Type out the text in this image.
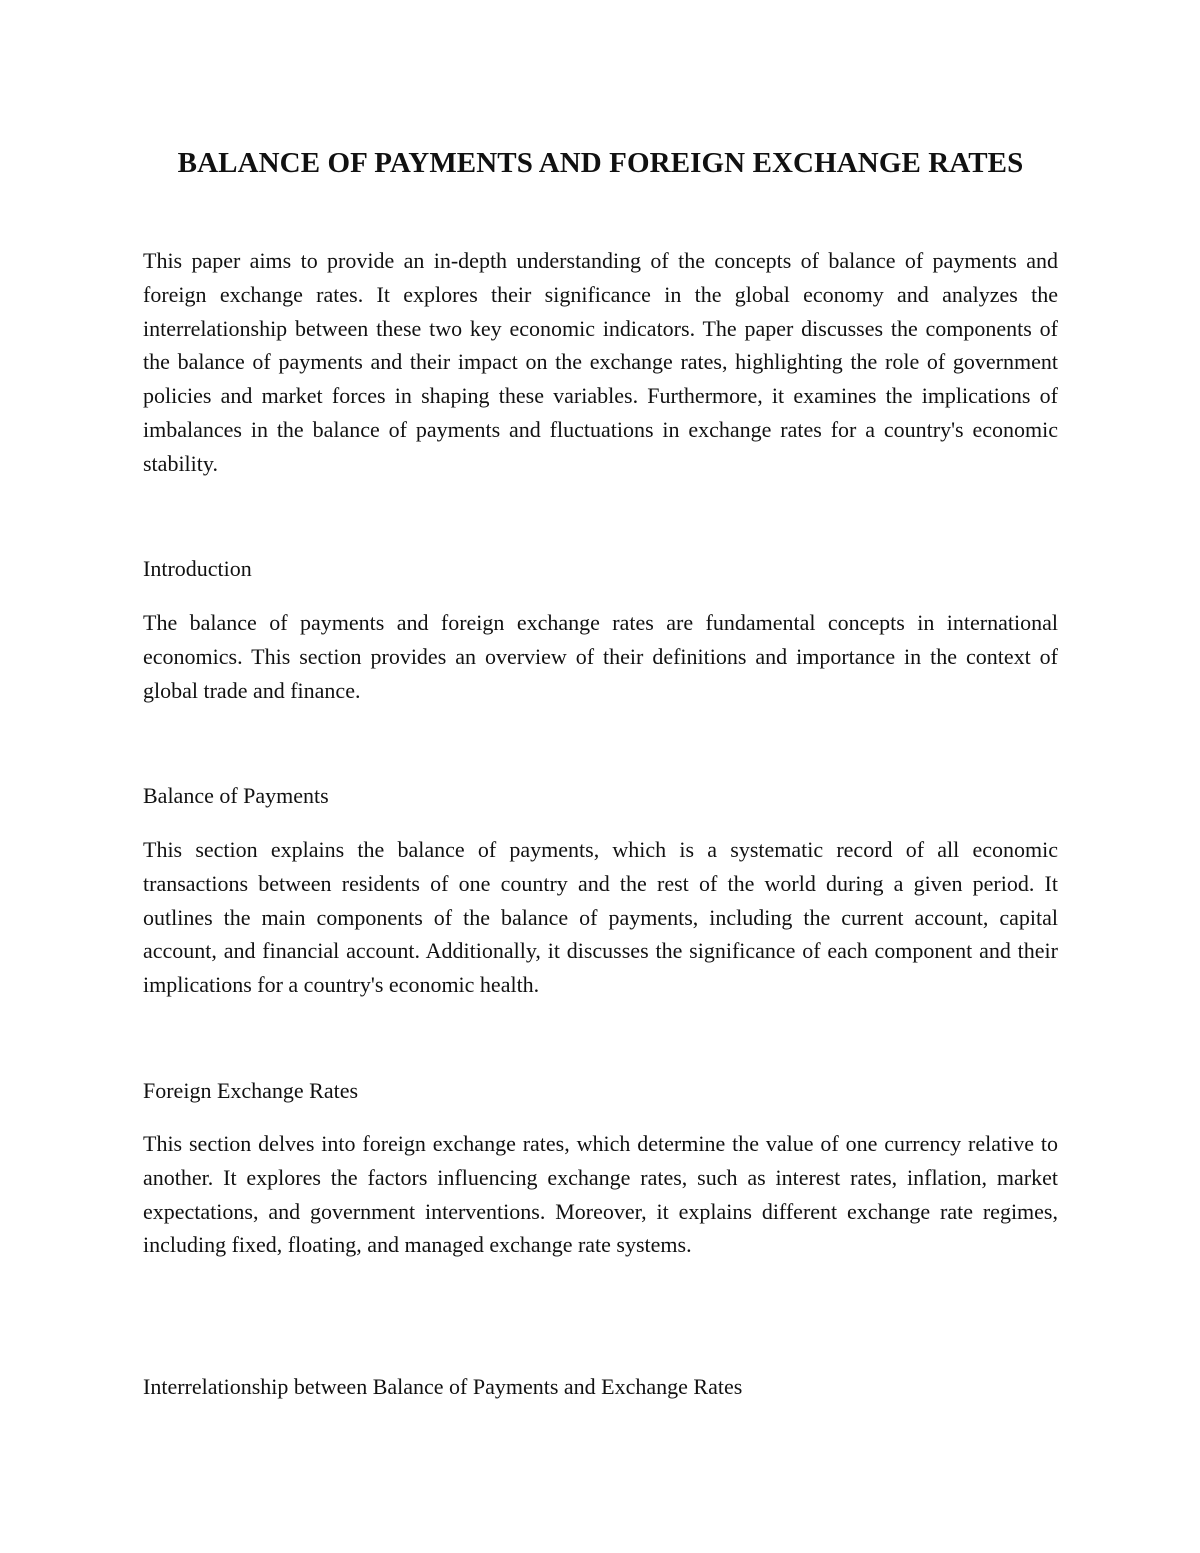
BALANCE OF PAYMENTS AND FOREIGN EXCHANGE RATES

This paper aims to provide an in-depth understanding of the concepts of balance of payments and foreign exchange rates. It explores their significance in the global economy and analyzes the interrelationship between these two key economic indicators. The paper discusses the components of the balance of payments and their impact on the exchange rates, highlighting the role of government policies and market forces in shaping these variables. Furthermore, it examines the implications of imbalances in the balance of payments and fluctuations in exchange rates for a country's economic stability.

Introduction

The balance of payments and foreign exchange rates are fundamental concepts in international economics. This section provides an overview of their definitions and importance in the context of global trade and finance.

Balance of Payments

This section explains the balance of payments, which is a systematic record of all economic transactions between residents of one country and the rest of the world during a given period. It outlines the main components of the balance of payments, including the current account, capital account, and financial account. Additionally, it discusses the significance of each component and their implications for a country's economic health.

Foreign Exchange Rates

This section delves into foreign exchange rates, which determine the value of one currency relative to another. It explores the factors influencing exchange rates, such as interest rates, inflation, market expectations, and government interventions. Moreover, it explains different exchange rate regimes, including fixed, floating, and managed exchange rate systems.

Interrelationship between Balance of Payments and Exchange Rates
